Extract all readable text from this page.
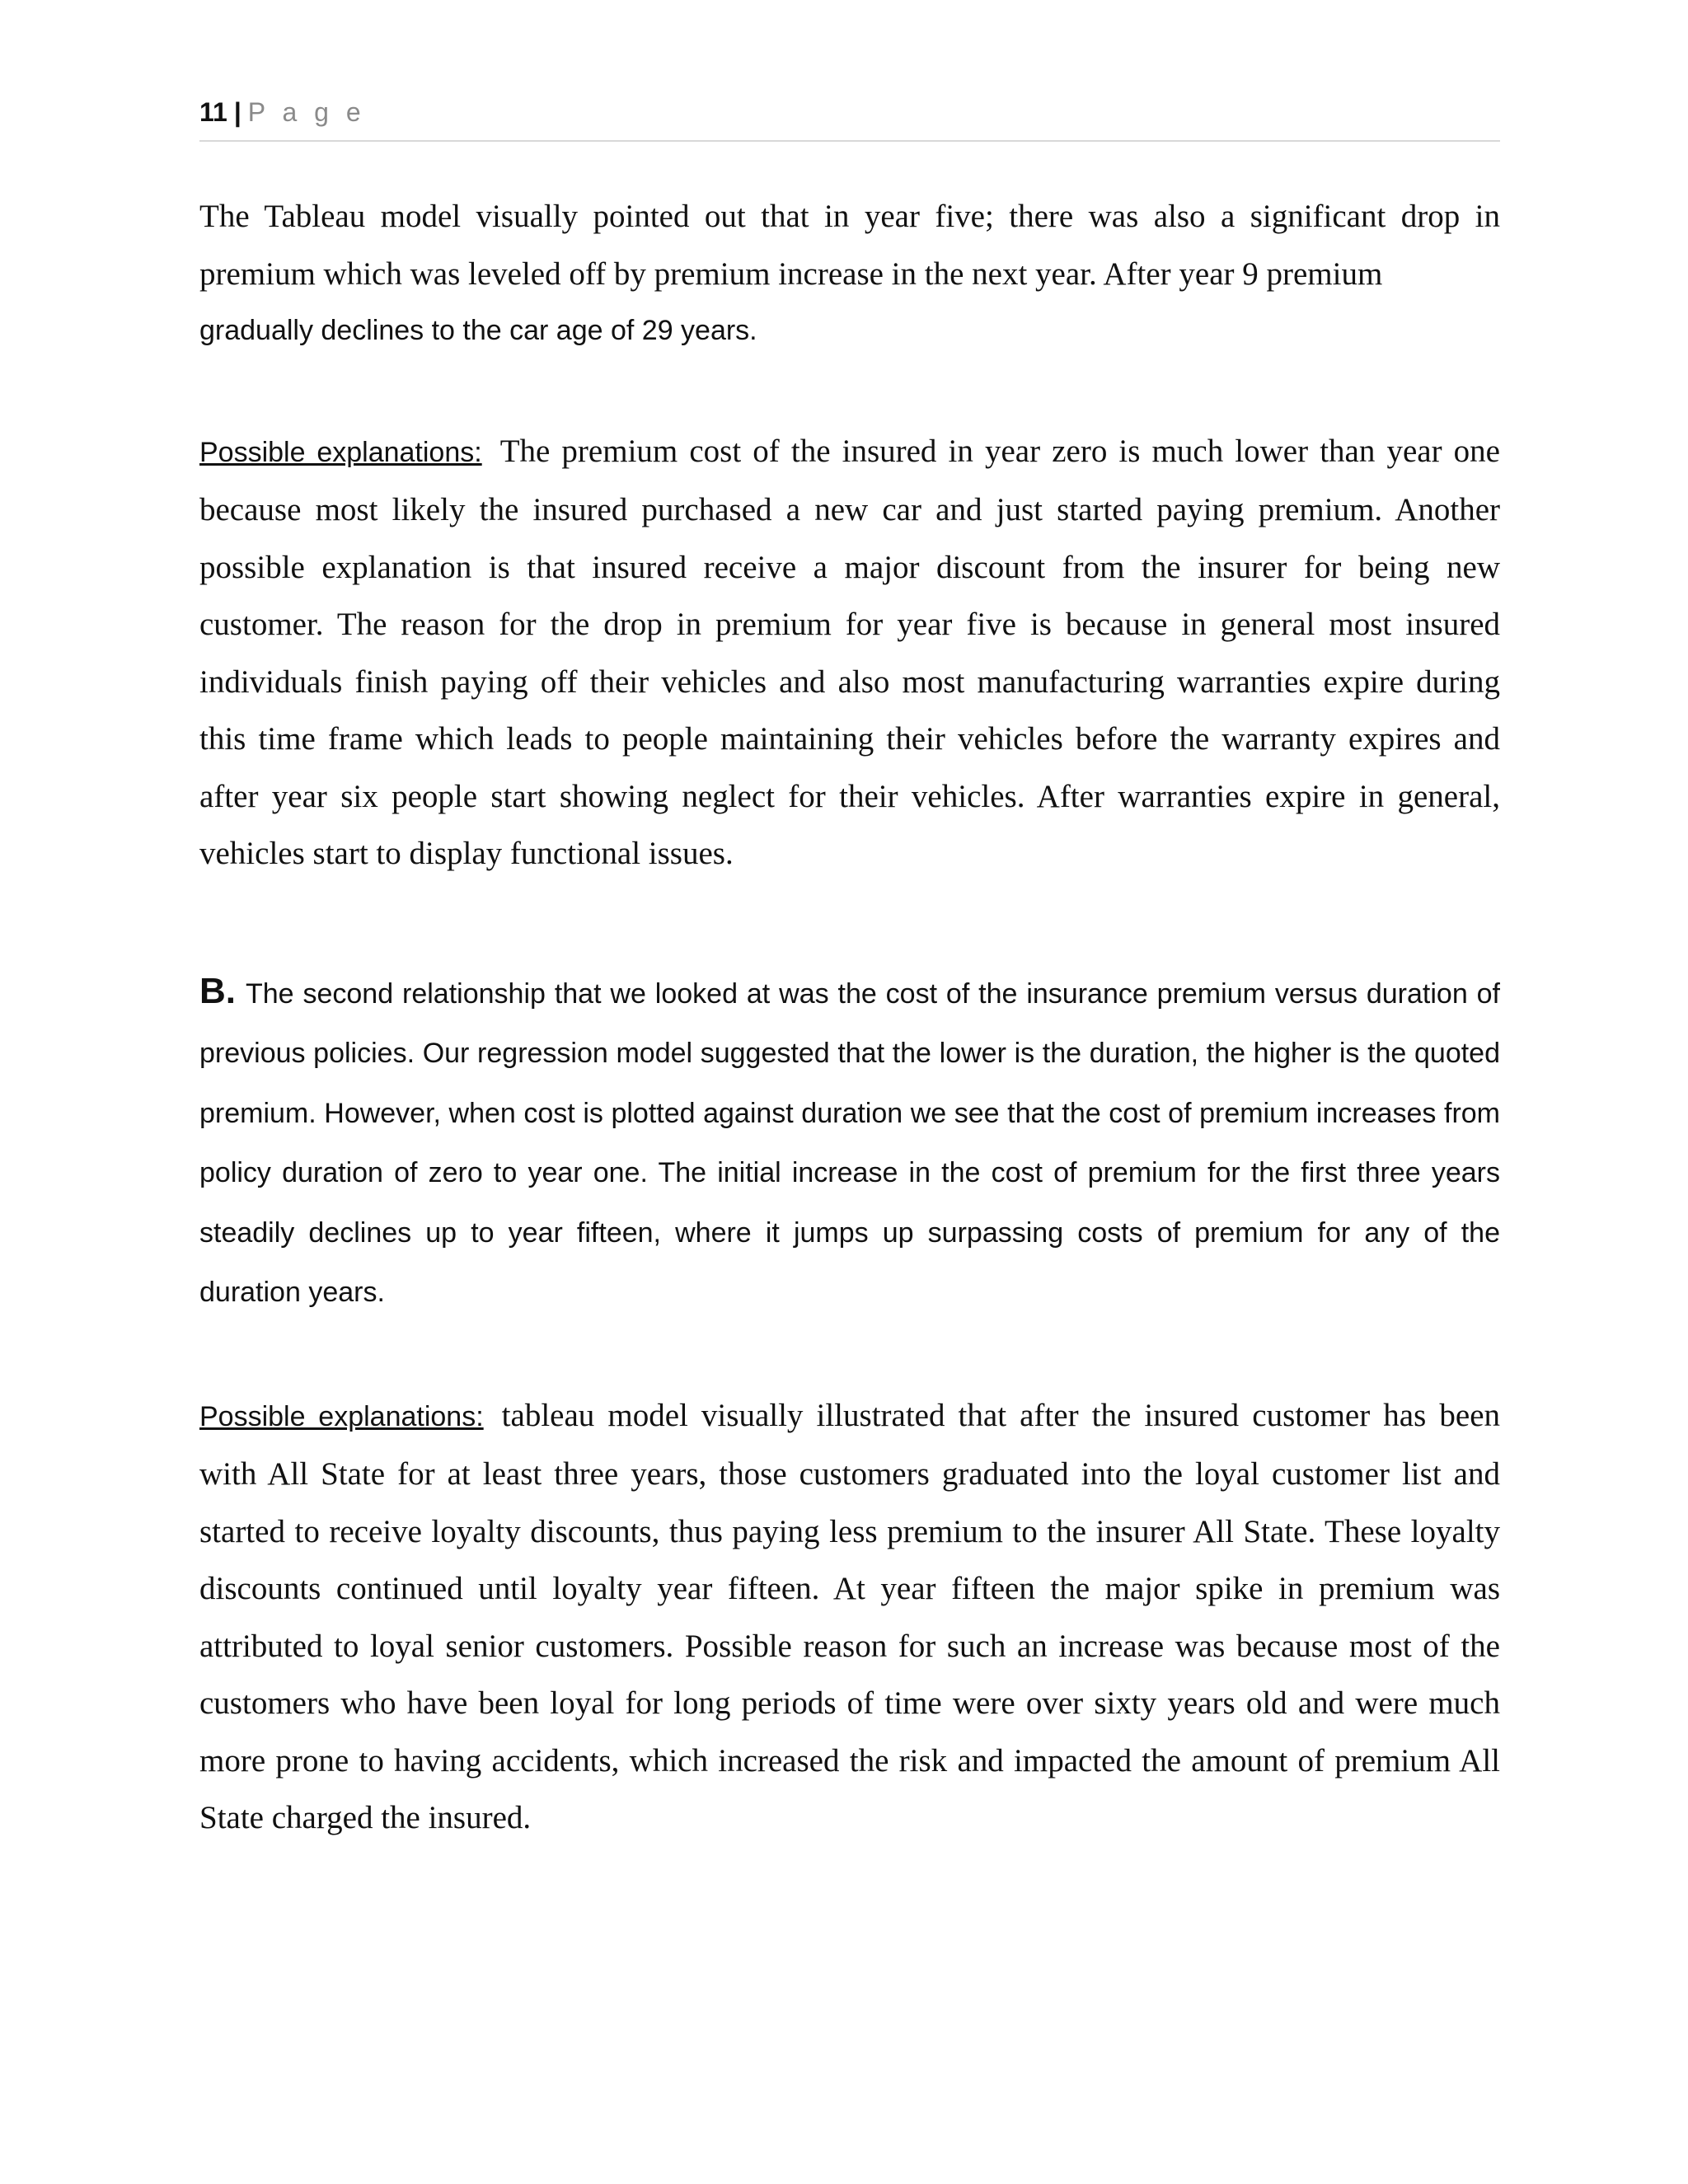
11 | P a g e

The Tableau model visually pointed out that in year five; there was also a significant drop in premium which was leveled off by premium increase in the next year. After year 9 premium

gradually declines to the car age of 29 years.

Possible explanations: The premium cost of the insured in year zero is much lower than year one because most likely the insured purchased a new car and just started paying premium. Another possible explanation is that insured receive a major discount from the insurer for being new customer. The reason for the drop in premium for year five is because in general most insured individuals finish paying off their vehicles and also most manufacturing warranties expire during this time frame which leads to people maintaining their vehicles before the warranty expires and after year six people start showing neglect for their vehicles. After warranties expire in general, vehicles start to display functional issues.

B. The second relationship that we looked at was the cost of the insurance premium versus duration of previous policies. Our regression model suggested that the lower is the duration, the higher is the quoted premium. However, when cost is plotted against duration we see that the cost of premium increases from policy duration of zero to year one. The initial increase in the cost of premium for the first three years steadily declines up to year fifteen, where it jumps up surpassing costs of premium for any of the duration years.

Possible explanations: tableau model visually illustrated that after the insured customer has been with All State for at least three years, those customers graduated into the loyal customer list and started to receive loyalty discounts, thus paying less premium to the insurer All State. These loyalty discounts continued until loyalty year fifteen. At year fifteen the major spike in premium was attributed to loyal senior customers. Possible reason for such an increase was because most of the customers who have been loyal for long periods of time were over sixty years old and were much more prone to having accidents, which increased the risk and impacted the amount of premium All State charged the insured.
